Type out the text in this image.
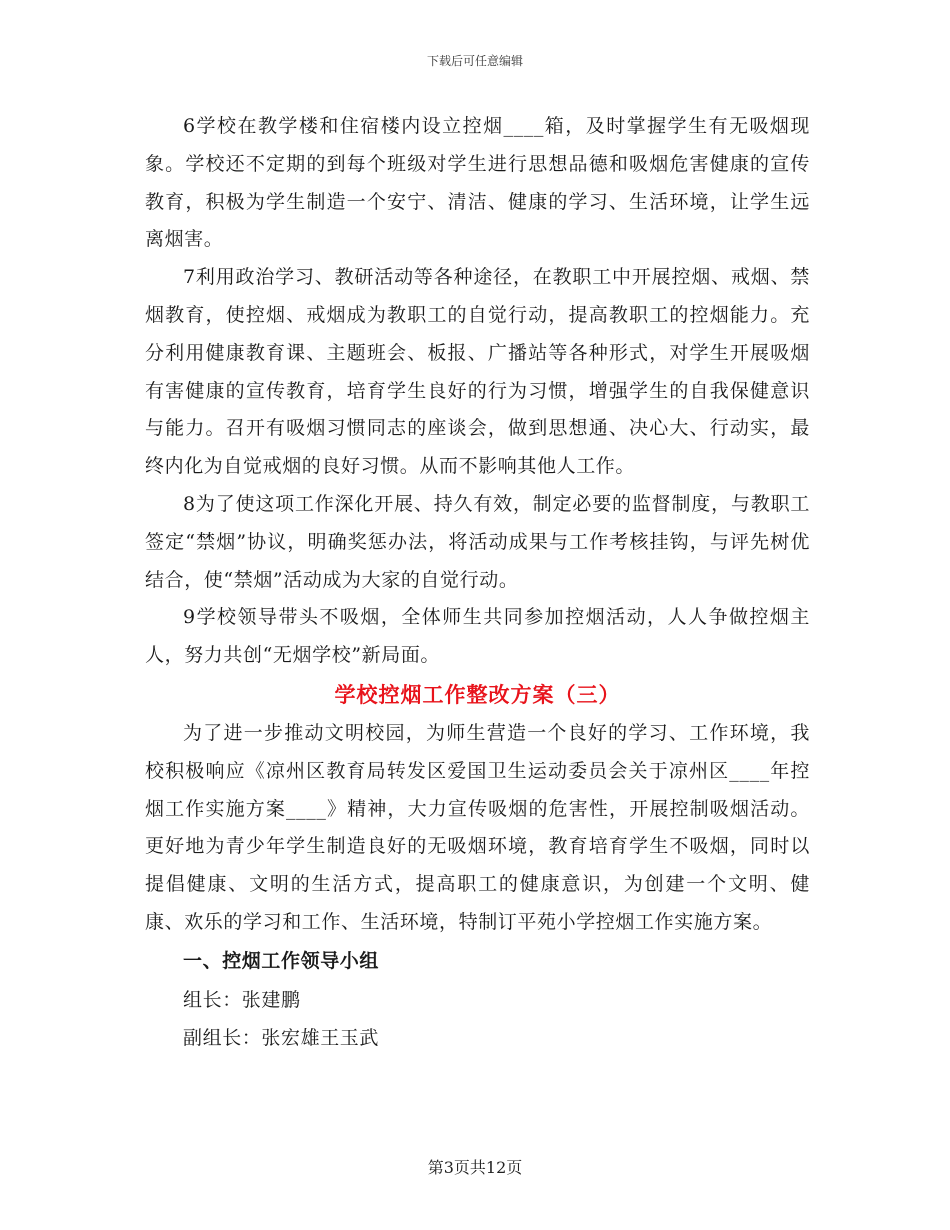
下载后可任意编辑

6学校在教学楼和住宿楼内设立控烟____箱，及时掌握学生有无吸烟现象。学校还不定期的到每个班级对学生进行思想品德和吸烟危害健康的宣传教育，积极为学生制造一个安宁、清洁、健康的学习、生活环境，让学生远离烟害。

7利用政治学习、教研活动等各种途径，在教职工中开展控烟、戒烟、禁烟教育，使控烟、戒烟成为教职工的自觉行动，提高教职工的控烟能力。充分利用健康教育课、主题班会、板报、广播站等各种形式，对学生开展吸烟有害健康的宣传教育，培育学生良好的行为习惯，增强学生的自我保健意识与能力。召开有吸烟习惯同志的座谈会，做到思想通、决心大、行动实，最终内化为自觉戒烟的良好习惯。从而不影响其他人工作。

8为了使这项工作深化开展、持久有效，制定必要的监督制度，与教职工签定“禁烟”协议，明确奖惩办法，将活动成果与工作考核挂钩，与评先树优结合，使“禁烟”活动成为大家的自觉行动。

9学校领导带头不吸烟，全体师生共同参加控烟活动，人人争做控烟主人，努力共创“无烟学校”新局面。

学校控烟工作整改方案（三）

为了进一步推动文明校园，为师生营造一个良好的学习、工作环境，我校积极响应《凉州区教育局转发区爱国卫生运动委员会关于凉州区____年控烟工作实施方案____》精神，大力宣传吸烟的危害性，开展控制吸烟活动。更好地为青少年学生制造良好的无吸烟环境，教育培育学生不吸烟，同时以提倡健康、文明的生活方式，提高职工的健康意识，为创建一个文明、健康、欢乐的学习和工作、生活环境，特制订平苑小学控烟工作实施方案。

一、控烟工作领导小组

组长：张建鹏

副组长：张宏雄王玉武

第3页共12页
